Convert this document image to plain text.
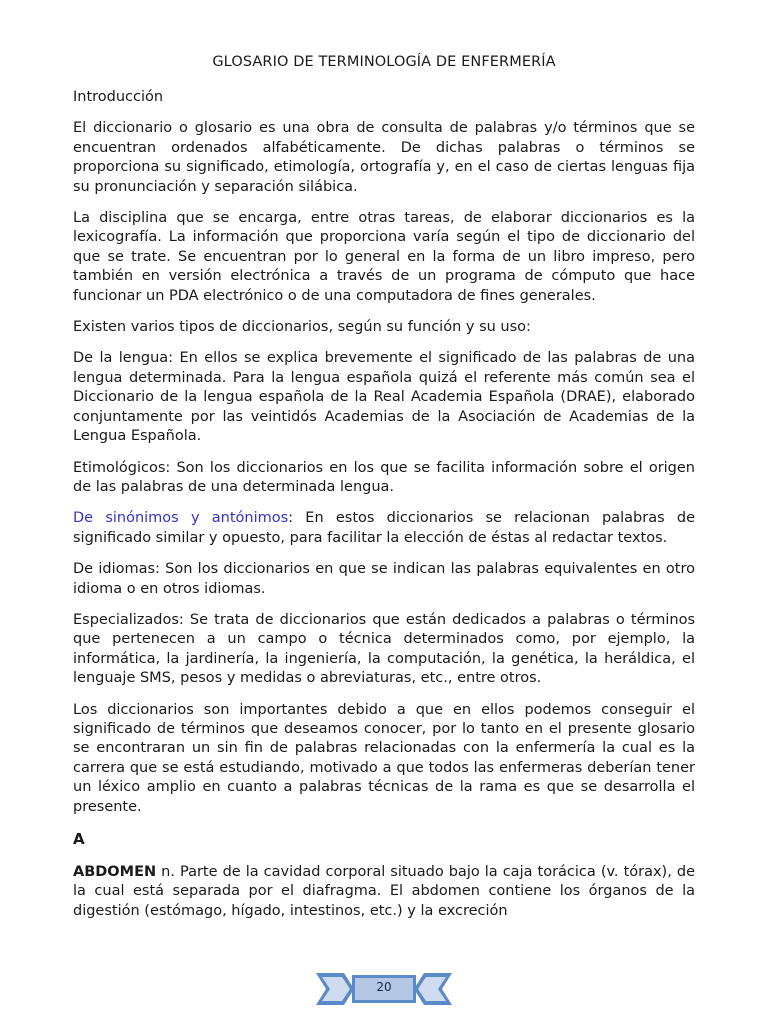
GLOSARIO DE TERMINOLOGÍA DE ENFERMERÍA

Introducción

El diccionario o glosario es una obra de consulta de palabras y/o términos que se encuentran ordenados alfabéticamente. De dichas palabras o términos se proporciona su significado, etimología, ortografía y, en el caso de ciertas lenguas fija su pronunciación y separación silábica.

La disciplina que se encarga, entre otras tareas, de elaborar diccionarios es la lexicografía. La información que proporciona varía según el tipo de diccionario del que se trate. Se encuentran por lo general en la forma de un libro impreso, pero también en versión electrónica a través de un programa de cómputo que hace funcionar un PDA electrónico o de una computadora de fines generales.

Existen varios tipos de diccionarios, según su función y su uso:

De la lengua: En ellos se explica brevemente el significado de las palabras de una lengua determinada. Para la lengua española quizá el referente más común sea el Diccionario de la lengua española de la Real Academia Española (DRAE), elaborado conjuntamente por las veintidós Academias de la Asociación de Academias de la Lengua Española.

Etimológicos: Son los diccionarios en los que se facilita información sobre el origen de las palabras de una determinada lengua.

De sinónimos y antónimos: En estos diccionarios se relacionan palabras de significado similar y opuesto, para facilitar la elección de éstas al redactar textos.

De idiomas: Son los diccionarios en que se indican las palabras equivalentes en otro idioma o en otros idiomas.

Especializados: Se trata de diccionarios que están dedicados a palabras o términos que pertenecen a un campo o técnica determinados como, por ejemplo, la informática, la jardinería, la ingeniería, la computación, la genética, la heráldica, el lenguaje SMS, pesos y medidas o abreviaturas, etc., entre otros.

Los diccionarios son importantes debido a que en ellos podemos conseguir el significado de términos que deseamos conocer, por lo tanto en el presente glosario se encontraran un sin fin de palabras relacionadas con la enfermería la cual es la carrera que se está estudiando, motivado a que todos las enfermeras deberían tener un léxico amplio en cuanto a palabras técnicas de la rama es que se desarrolla el presente.

A

ABDOMEN n. Parte de la cavidad corporal situado bajo la caja torácica (v. tórax), de la cual está separada por el diafragma. El abdomen contiene los órganos de la digestión (estómago, hígado, intestinos, etc.) y la excreción

20
